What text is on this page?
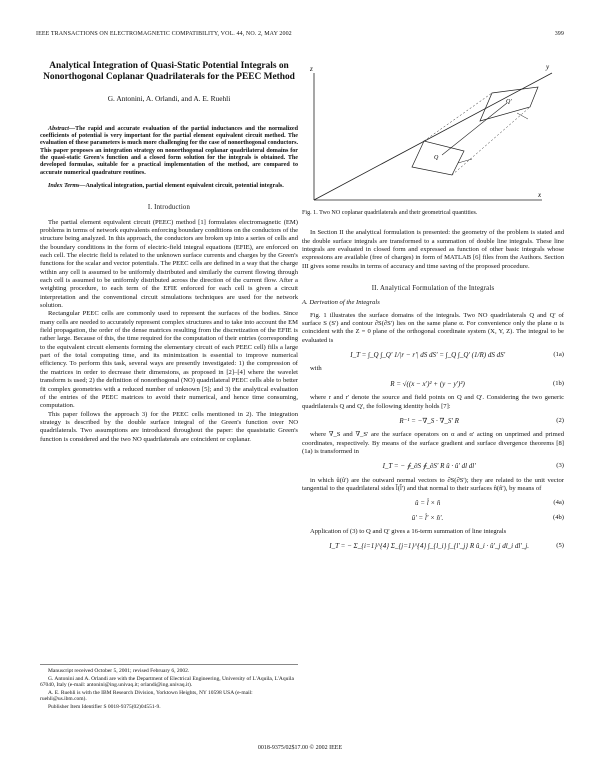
IEEE TRANSACTIONS ON ELECTROMAGNETIC COMPATIBILITY, VOL. 44, NO. 2, MAY 2002	399
Analytical Integration of Quasi-Static Potential Integrals on Nonorthogonal Coplanar Quadrilaterals for the PEEC Method
G. Antonini, A. Orlandi, and A. E. Ruehli
Abstract—The rapid and accurate evaluation of the partial inductances and the normalized coefficients of potential is very important for the partial element equivalent circuit method. The evaluation of these parameters is much more challenging for the case of nonorthogonal conductors. This paper proposes an integration strategy on nonorthogonal coplanar quadrilateral domains for the quasi-static Green's function and a closed form solution for the integrals is obtained. The developed formulas, suitable for a practical implementation of the method, are compared to accurate numerical quadrature routines.
Index Terms—Analytical integration, partial element equivalent circuit, potential integrals.
I. Introduction

The partial element equivalent circuit (PEEC) method [1] formulates electromagnetic (EM) problems in terms of network equivalents enforcing boundary conditions on the conductors of the structure being analyzed. In this approach, the conductors are broken up into a series of cells and the boundary conditions in the form of electric-field integral equations (EFIE), are enforced on each cell. The electric field is related to the unknown surface currents and charges by the Green's functions for the scalar and vector potentials. The PEEC cells are defined in a way that the charge within any cell is assumed to be uniformly distributed and similarly the current flowing through each cell is assumed to be uniformly distributed across the direction of the current flow. After a weighting procedure, to each term of the EFIE enforced for each cell is given a circuit interpretation and the conventional circuit simulations techniques are used for the network solution.

Rectangular PEEC cells are commonly used to represent the surfaces of the bodies. Since many cells are needed to accurately represent complex structures and to take into account the EM field propagation, the order of the dense matrices resulting from the discretization of the EFIE is rather large. Because of this, the time required for the computation of their entries (corresponding to the equivalent circuit elements forming the elementary circuit of each PEEC cell) fills a large part of the total computing time, and its minimization is essential to improve numerical efficiency. To perform this task, several ways are presently investigated: 1) the compression of the matrices in order to decrease their dimensions, as proposed in [2]–[4] where the wavelet transform is used; 2) the definition of nonorthogonal (NO) quadrilateral PEEC cells able to better fit complex geometries with a reduced number of unknown [5]; and 3) the analytical evaluation of the entries of the PEEC matrices to avoid their numerical, and hence time consuming, computation.

This paper follows the approach 3) for the PEEC cells mentioned in 2). The integration strategy is described by the double surface integral of the Green's function over NO quadrilaterals. Two assumptions are introduced throughout the paper: the quasistatic Green's function is considered and the two NO quadrilaterals are coincident or coplanar.

Manuscript received October 5, 2001; revised February 6, 2002.
G. Antonini and A. Orlandi are with the Department of Electrical Engineering, University of L'Aquila, L'Aquila 67040, Italy (e-mail: antonini@ing.univaq.it; orlandi@ing.univaq.it).
A. E. Ruehli is with the IBM Research Division, Yorktown Heights, NY 10598 USA (e-mail: ruehli@us.ibm.com).
Publisher Item Identifier S 0018-9375(02)04551-9.
z
x
y
Q
Q'
Fig. 1. Two NO coplanar quadrilaterals and their geometrical quantities.

In Section II the analytical formulation is presented: the geometry of the problem is stated and the double surface integrals are transformed to a summation of double line integrals. These line integrals are evaluated in closed form and expressed as function of other basic integrals whose expressions are available (free of charges) in form of MATLAB [6] files from the Authors. Section III gives some results in terms of accuracy and time saving of the proposed procedure.

II. Analytical Formulation of the Integrals
A. Derivation of the Integrals

Fig. 1 illustrates the surface domains of the integrals. Two NO quadrilaterals Q and Q' of surface S (S') and contour ∂S(∂S') lies on the same plane α. For convenience only the plane α is coincident with the Z = 0 plane of the orthogonal coordinate system (X, Y, Z). The integral to be evaluated is

I_T = ∫_Q ∫_Q' 1/|r − r'| dS dS' = ∫_Q ∫_Q' (1/R) dS dS'	(1a)

with

R = √((x − x')² + (y − y')²)	(1b)

where r and r' denote the source and field points on Q and Q'. Considering the two generic quadrilaterals Q and Q', the following identity holds [7]:

R⁻¹ = −∇_S · ∇_S' R	(2)

where ∇_S and ∇_S' are the surface operators on α and α' acting on unprimed and primed coordinates, respectively. By means of the surface gradient and surface divergence theorems [8] (1a) is transformed in

I_T = − ∮_∂S ∮_∂S' R û · û' dl dl'	(3)

in which û(û') are the outward normal vectors to ∂S(∂S'); they are related to the unit vector tangential to the quadrilateral sides l̂(l̂') and that normal to their surfaces n̂(n̂'), by means of

û = l̂ × n̂	(4a)
û' = l̂' × n̂'.	(4b)

Application of (3) to Q and Q' gives a 16-term summation of line integrals

I_T = − Σ_{i=1}^{4} Σ_{j=1}^{4} ∫_{l_i} ∫_{l'_j} R û_i · û'_j dl_i dl'_j.	(5)
0018-9375/02$17.00 © 2002 IEEE
